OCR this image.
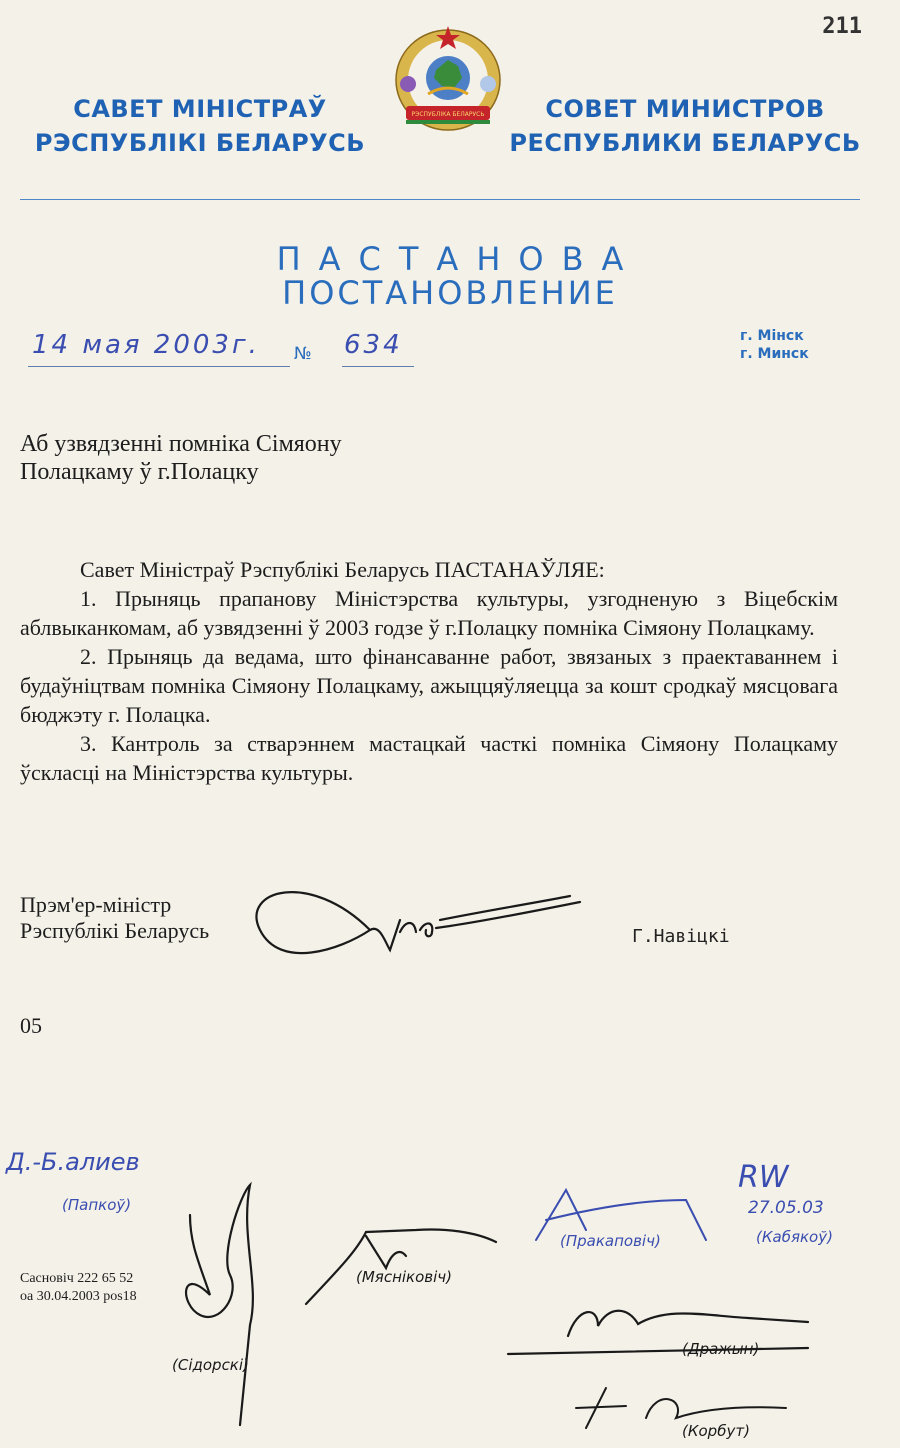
211
САВЕТ МІНІСТРАЎ
РЭСПУБЛІКІ БЕЛАРУСЬ
РЭСПУБЛІКА БЕЛАРУСЬ	СОВЕТ МИНИСТРОВ
РЕСПУБЛИКИ БЕЛАРУСЬ
ПАСТАНОВА
ПОСТАНОВЛЕНИЕ
14 мая 2003г. № 634	г. Мінск
г. Минск
Аб узвядзенні помніка Сімяону
Полацкаму ў г.Полацку

Савет Міністраў Рэспублікі Беларусь ПАСТАНАЎЛЯЕ:

1. Прыняць прапанову Міністэрства культуры, узгодненую з Віцебскім аблвыканкомам, аб узвядзенні ў 2003 годзе ў г.Полацку помніка Сімяону Полацкаму.

2. Прыняць да ведама, што фінансаванне работ, звязаных з праектаваннем і будаўніцтвам помніка Сімяону Полацкаму, ажыццяўляецца за кошт сродкаў мясцовага бюджэту г. Полацка.

3. Кантроль за стварэннем мастацкай часткі помніка Сімяону Полацкаму ўскласці на Міністэрства культуры.

Прэм'ер-міністр
Рэспублікі Беларусь	Г.Навіцкі
05
Д.-Б.алиев
(Папкоў)
(Сідорскі)
(Мясніковіч)
(Пракаповіч)
RW
27.05.03
(Кабякоў)
(Дражын)
(Корбут)
Сасновіч 222 65 52
оа 30.04.2003 pos18
